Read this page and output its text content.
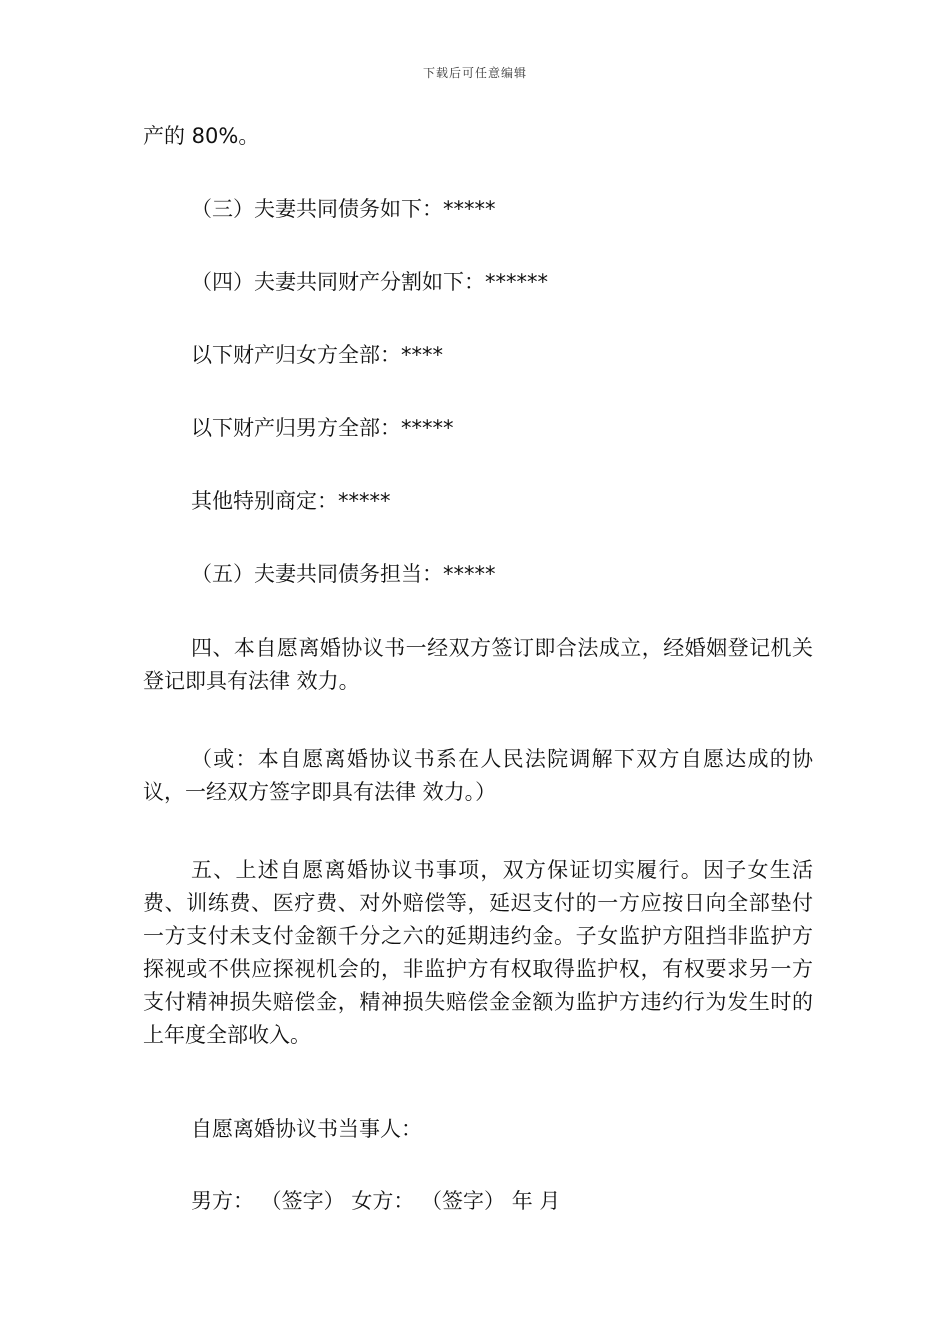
下载后可任意编辑

产的 80%。

（三）夫妻共同债务如下：*****

（四）夫妻共同财产分割如下：******

以下财产归女方全部：****

以下财产归男方全部：*****

其他特别商定：*****

（五）夫妻共同债务担当：*****

四、本自愿离婚协议书一经双方签订即合法成立，经婚姻登记机关登记即具有法律 效力。

（或：本自愿离婚协议书系在人民法院调解下双方自愿达成的协议，一经双方签字即具有法律 效力。）

五、上述自愿离婚协议书事项，双方保证切实履行。因子女生活费、训练费、医疗费、对外赔偿等，延迟支付的一方应按日向全部垫付一方支付未支付金额千分之六的延期违约金。子女监护方阻挡非监护方探视或不供应探视机会的，非监护方有权取得监护权，有权要求另一方支付精神损失赔偿金，精神损失赔偿金金额为监护方违约行为发生时的上年度全部收入。

自愿离婚协议书当事人：

男方： （签字） 女方： （签字） 年 月
